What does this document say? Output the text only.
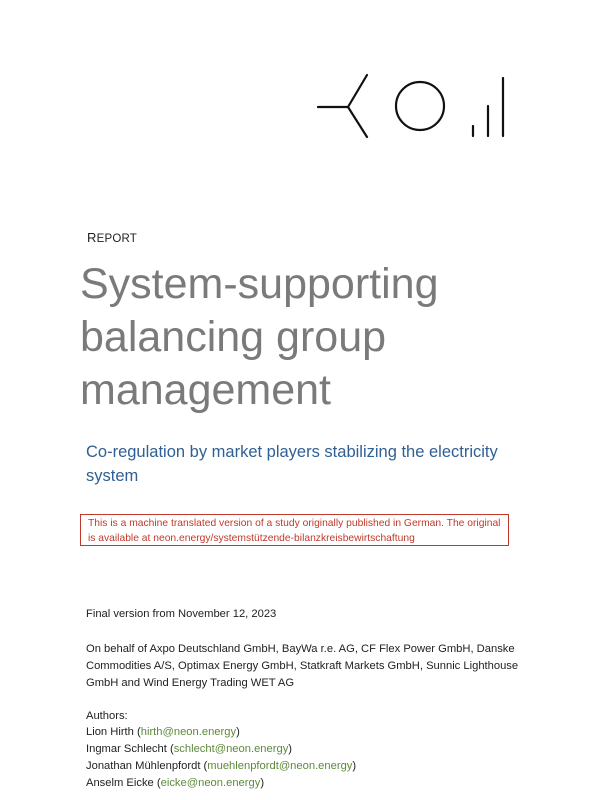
REPORT
System-supporting
balancing group
management
Co-regulation by market players stabilizing the electricity system
This is a machine translated version of a study originally published in German. The original is available at neon.energy/systemstützende-bilanzkreisbewirtschaftung
Final version from November 12, 2023
On behalf of Axpo Deutschland GmbH, BayWa r.e. AG, CF Flex Power GmbH, Danske Commodities A/S, Optimax Energy GmbH, Statkraft Markets GmbH, Sunnic Lighthouse GmbH and Wind Energy Trading WET AG
Authors:
Lion Hirth (hirth@neon.energy)
Ingmar Schlecht (schlecht@neon.energy)
Jonathan Mühlenpfordt (muehlenpfordt@neon.energy)
Anselm Eicke (eicke@neon.energy)
